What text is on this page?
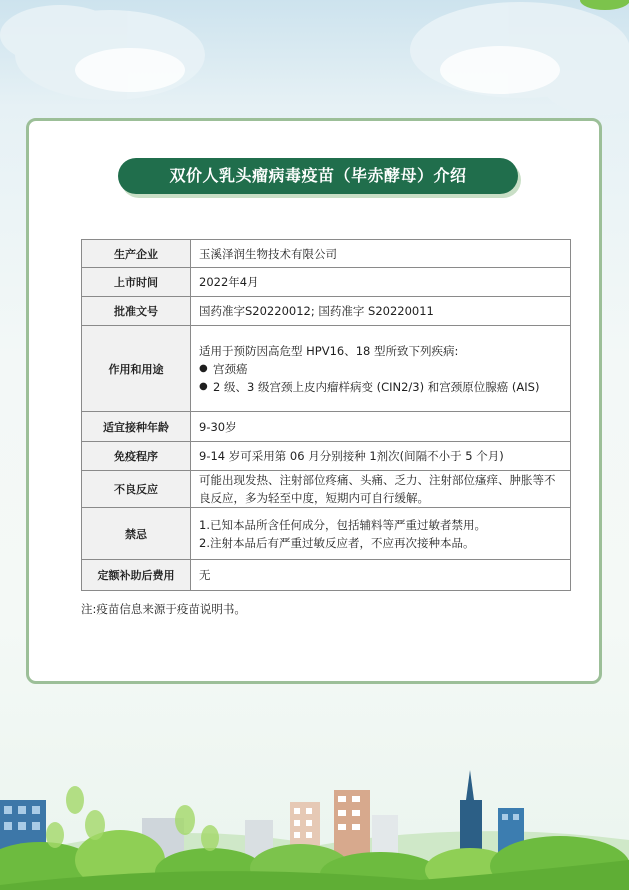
双价人乳头瘤病毒疫苗（毕赤酵母）介绍
生产企业	玉溪泽润生物技术有限公司
上市时间	2022年4月
批准文号	国药准字S20220012; 国药准字 S20220011
作用和用途	适用于预防因高危型 HPV16、18 型所致下列疾病:
● 宫颈癌
● 2 级、3 级宫颈上皮内瘤样病变 (CIN2/3) 和宫颈原位腺癌 (AIS)

适宜接种年龄	9-30岁
免疫程序	9-14 岁可采用第 06 月分别接种 1剂次(间隔不小于 5 个月)
不良反应	可能出现发热、注射部位疼痛、头痛、乏力、注射部位瘙痒、肿胀等不良反应，多为轻至中度，短期内可自行缓解。
禁忌	1.已知本品所含任何成分，包括辅料等严重过敏者禁用。
2.注射本品后有严重过敏反应者，不应再次接种本品。

定额补助后费用	无
注:疫苗信息来源于疫苗说明书。
